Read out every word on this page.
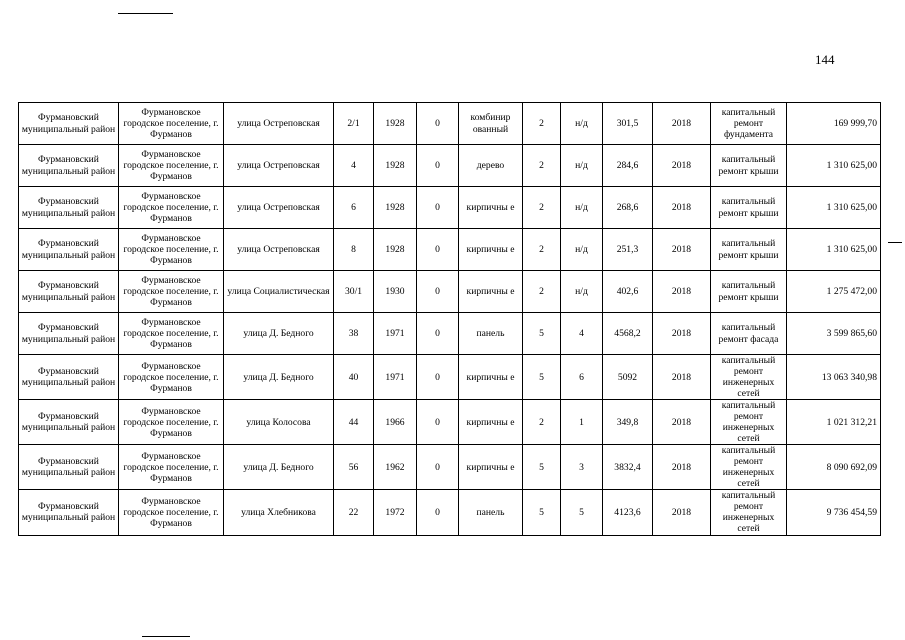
144
Фурмановский муниципальный район	Фурмановское городское поселение, г. Фурманов	улица Остреповская	2/1	1928	0	комбинир ованный	2	н/д	301,5	2018	капитальный ремонт фундамента	169 999,70
Фурмановский муниципальный район	Фурмановское городское поселение, г. Фурманов	улица Остреповская	4	1928	0	дерево	2	н/д	284,6	2018	капитальный ремонт крыши	1 310 625,00
Фурмановский муниципальный район	Фурмановское городское поселение, г. Фурманов	улица Остреповская	6	1928	0	кирпичны е	2	н/д	268,6	2018	капитальный ремонт крыши	1 310 625,00
Фурмановский муниципальный район	Фурмановское городское поселение, г. Фурманов	улица Остреповская	8	1928	0	кирпичны е	2	н/д	251,3	2018	капитальный ремонт крыши	1 310 625,00
Фурмановский муниципальный район	Фурмановское городское поселение, г. Фурманов	улица Социалистическая	30/1	1930	0	кирпичны е	2	н/д	402,6	2018	капитальный ремонт крыши	1 275 472,00
Фурмановский муниципальный район	Фурмановское городское поселение, г. Фурманов	улица Д. Бедного	38	1971	0	панель	5	4	4568,2	2018	капитальный ремонт фасада	3 599 865,60
Фурмановский муниципальный район	Фурмановское городское поселение, г. Фурманов	улица Д. Бедного	40	1971	0	кирпичны е	5	6	5092	2018	капитальный ремонт инженерных сетей	13 063 340,98
Фурмановский муниципальный район	Фурмановское городское поселение, г. Фурманов	улица Колосова	44	1966	0	кирпичны е	2	1	349,8	2018	капитальный ремонт инженерных сетей	1 021 312,21
Фурмановский муниципальный район	Фурмановское городское поселение, г. Фурманов	улица Д. Бедного	56	1962	0	кирпичны е	5	3	3832,4	2018	капитальный ремонт инженерных сетей	8 090 692,09
Фурмановский муниципальный район	Фурмановское городское поселение, г. Фурманов	улица Хлебникова	22	1972	0	панель	5	5	4123,6	2018	капитальный ремонт инженерных сетей	9 736 454,59
